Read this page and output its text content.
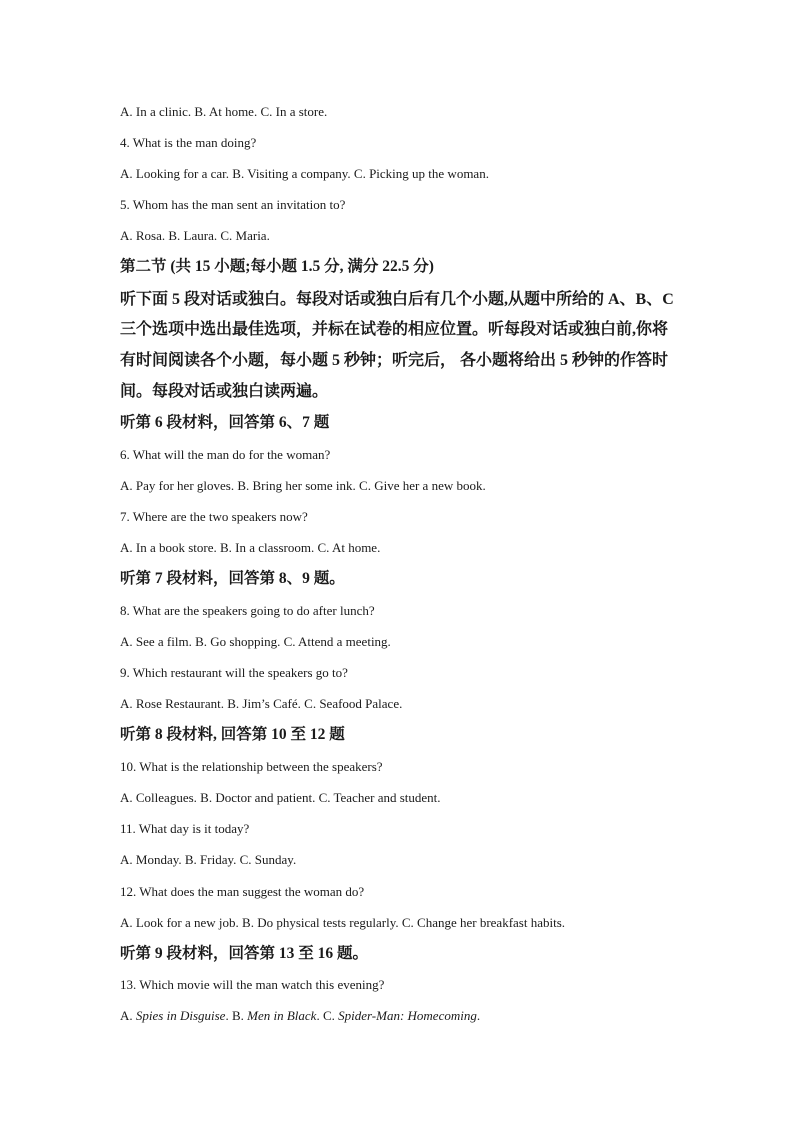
A. In a clinic. B. At home. C. In a store.
4. What is the man doing?
A. Looking for a car. B. Visiting a company. C. Picking up the woman.
5. Whom has the man sent an invitation to?
A. Rosa. B. Laura. C. Maria.
第二节 (共 15 小题;每小题 1.5 分, 满分 22.5 分)
听下面 5 段对话或独白。每段对话或独白后有几个小题,从题中所给的 A、B、C
三个选项中选出最佳选项，并标在试卷的相应位置。听每段对话或独白前,你将
有时间阅读各个小题，每小题 5 秒钟；听完后， 各小题将给出 5 秒钟的作答时
间。每段对话或独白读两遍。
听第 6 段材料，回答第 6、7 题
6. What will the man do for the woman?
A. Pay for her gloves. B. Bring her some ink. C. Give her a new book.
7. Where are the two speakers now?
A. In a book store. B. In a classroom. C. At home.
听第 7 段材料，回答第 8、9 题。
8. What are the speakers going to do after lunch?
A. See a film. B. Go shopping. C. Attend a meeting.
9. Which restaurant will the speakers go to?
A. Rose Restaurant. B. Jim’s Café. C. Seafood Palace.
听第 8 段材料, 回答第 10 至 12 题
10. What is the relationship between the speakers?
A. Colleagues. B. Doctor and patient. C. Teacher and student.
11. What day is it today?
A. Monday. B. Friday. C. Sunday.
12. What does the man suggest the woman do?
A. Look for a new job. B. Do physical tests regularly. C. Change her breakfast habits.
听第 9 段材料，回答第 13 至 16 题。
13. Which movie will the man watch this evening?
A. Spies in Disguise. B. Men in Black. C. Spider-Man: Homecoming.
